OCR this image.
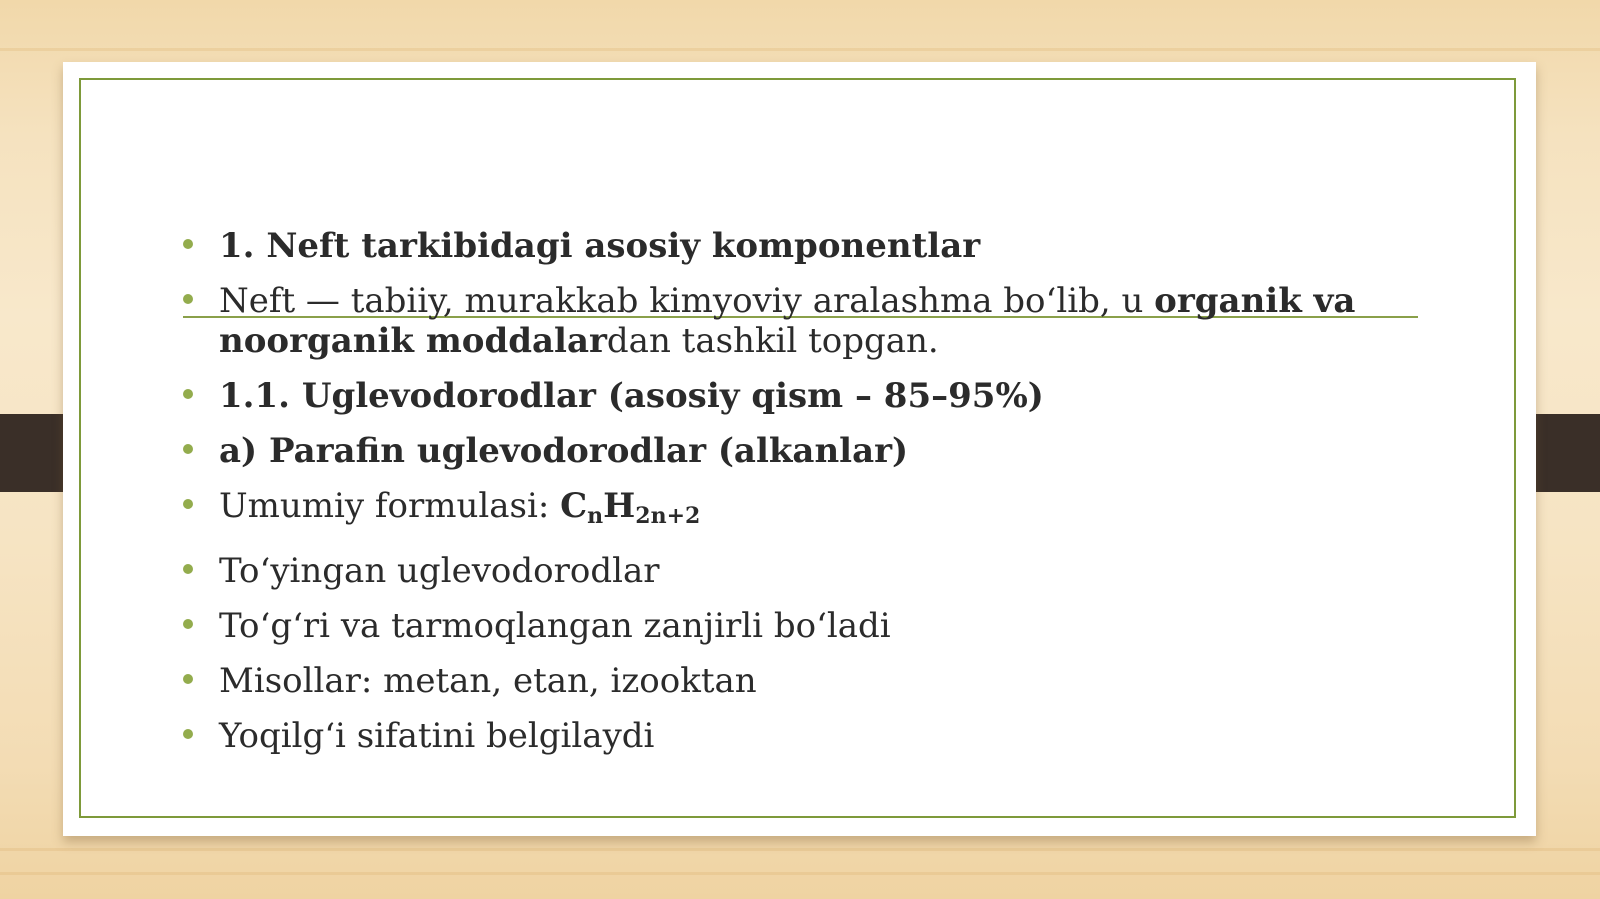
1. Neft tarkibidagi asosiy komponentlar
Neft — tabiiy, murakkab kimyoviy aralashma bo‘lib, u organik va noorganik moddalardan tashkil topgan.
1.1. Uglevodorodlar (asosiy qism – 85–95%)
a) Parafin uglevodorodlar (alkanlar)
Umumiy formulasi: $C_nH_{2n+2}$
To‘yingan uglevodorodlar
To‘g‘ri va tarmoqlangan zanjirli bo‘ladi
Misollar: metan, etan, izooktan
Yoqilg‘i sifatini belgilaydi
